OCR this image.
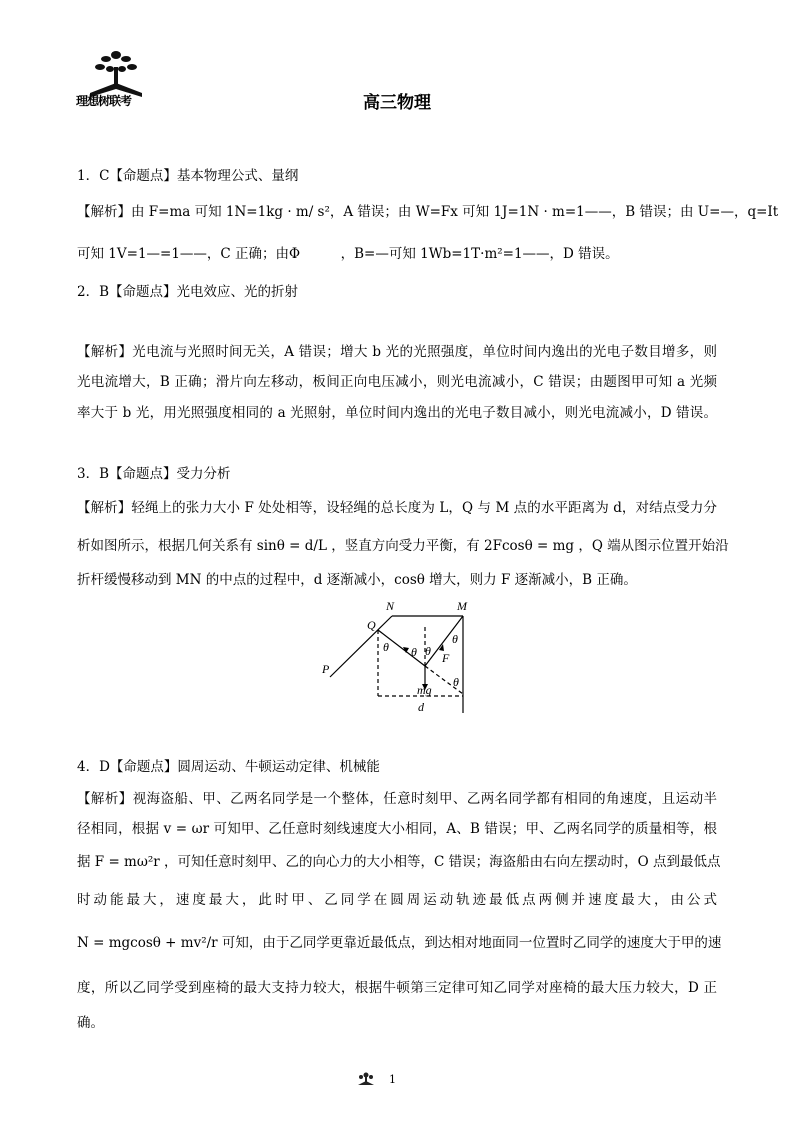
理想树联考	高三物理
1．C【命题点】基本物理公式、量纲
【解析】由 F=ma 可知 1N=1kg · m/ s²，A 错误；由 W=Fx 可知 1J=1N · m=1——，B 错误；由 U=—，q=It
可知 1V=1—=1——，C 正确；由Φ　　　，B=—可知 1Wb=1T·m²=1——，D 错误。
2．B【命题点】光电效应、光的折射
【解析】光电流与光照时间无关，A 错误；增大 b 光的光照强度，单位时间内逸出的光电子数目增多，则
光电流增大，B 正确；滑片向左移动，板间正向电压减小，则光电流减小，C 错误；由题图甲可知 a 光频
率大于 b 光，用光照强度相同的 a 光照射，单位时间内逸出的光电子数目减小，则光电流减小，D 错误。
3．B【命题点】受力分析
【解析】轻绳上的张力大小 F 处处相等，设轻绳的总长度为 L，Q 与 M 点的水平距离为 d，对结点受力分
析如图所示，根据几何关系有 sinθ = d/L ，竖直方向受力平衡，有 2Fcosθ = mg ，Q 端从图示位置开始沿
折杆缓慢移动到 MN 的中点的过程中，d 逐渐减小，cosθ 增大，则力 F 逐渐减小，B 正确。
N	M
Q
P
θ θ θ
θ
θ
F
mg
d
4．D【命题点】圆周运动、牛顿运动定律、机械能
【解析】视海盗船、甲、乙两名同学是一个整体，任意时刻甲、乙两名同学都有相同的角速度，且运动半
径相同，根据 v = ωr 可知甲、乙任意时刻线速度大小相同，A、B 错误；甲、乙两名同学的质量相等，根
据 F = mω²r ，可知任意时刻甲、乙的向心力的大小相等，C 错误；海盗船由右向左摆动时，O 点到最低点
时动能最大，速度最大，此时甲、乙同学在圆周运动轨迹最低点两侧并速度最大，由公式
N = mgcosθ + mv²/r 可知，由于乙同学更靠近最低点，到达相对地面同一位置时乙同学的速度大于甲的速
度，所以乙同学受到座椅的最大支持力较大，根据牛顿第三定律可知乙同学对座椅的最大压力较大，D 正
确。
1
